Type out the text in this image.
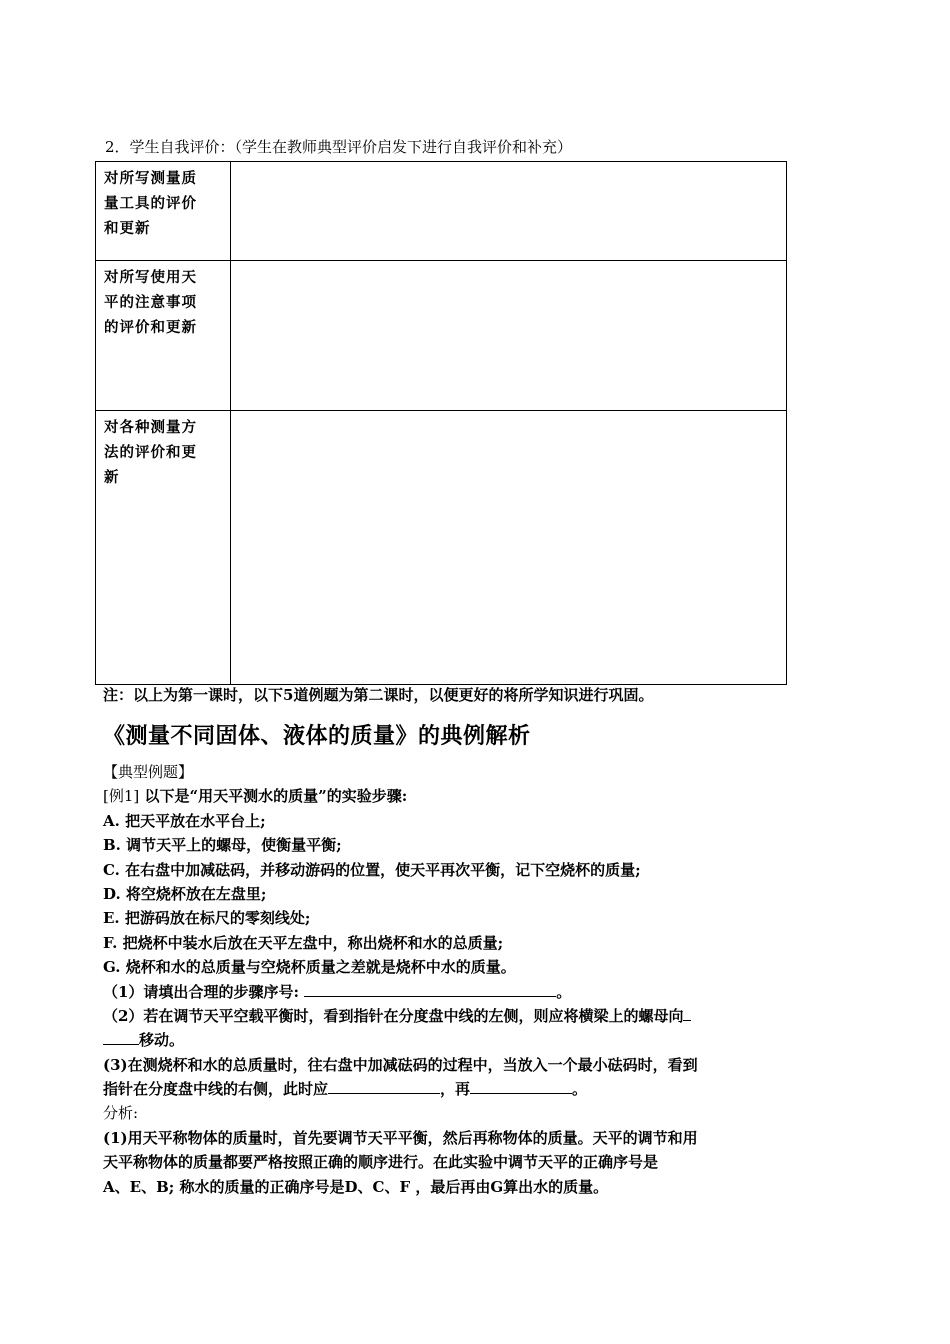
2．学生自我评价：（学生在教师典型评价启发下进行自我评价和补充）
对所写测量质
量工具的评价
和更新	

对所写使用天
平的注意事项
的评价和更新	

对各种测量方
法的评价和更
新	

注：以上为第一课时，以下5道例题为第二课时，以便更好的将所学知识进行巩固。
《测量不同固体、液体的质量》的典例解析
【典型例题】
[例1] 以下是“用天平测水的质量”的实验步骤:
A. 把天平放在水平台上;
B. 调节天平上的螺母，使衡量平衡;
C. 在右盘中加减砝码，并移动游码的位置，使天平再次平衡，记下空烧杯的质量;
D. 将空烧杯放在左盘里;
E. 把游码放在标尺的零刻线处;
F. 把烧杯中装水后放在天平左盘中，称出烧杯和水的总质量;
G. 烧杯和水的总质量与空烧杯质量之差就是烧杯中水的质量。
（1）请填出合理的步骤序号:	。
（2）若在调节天平空载平衡时，看到指针在分度盘中线的左侧，则应将横梁上的螺母向
移动。
(3)在测烧杯和水的总质量时，往右盘中加减砝码的过程中，当放入一个最小砝码时，看到
指针在分度盘中线的右侧，此时应	，再	。
分析:
(1)用天平称物体的质量时，首先要调节天平平衡，然后再称物体的质量。天平的调节和用
天平称物体的质量都要严格按照正确的顺序进行。在此实验中调节天平的正确序号是
A、E、B; 称水的质量的正确序号是D、C、F ，最后再由G算出水的质量。
